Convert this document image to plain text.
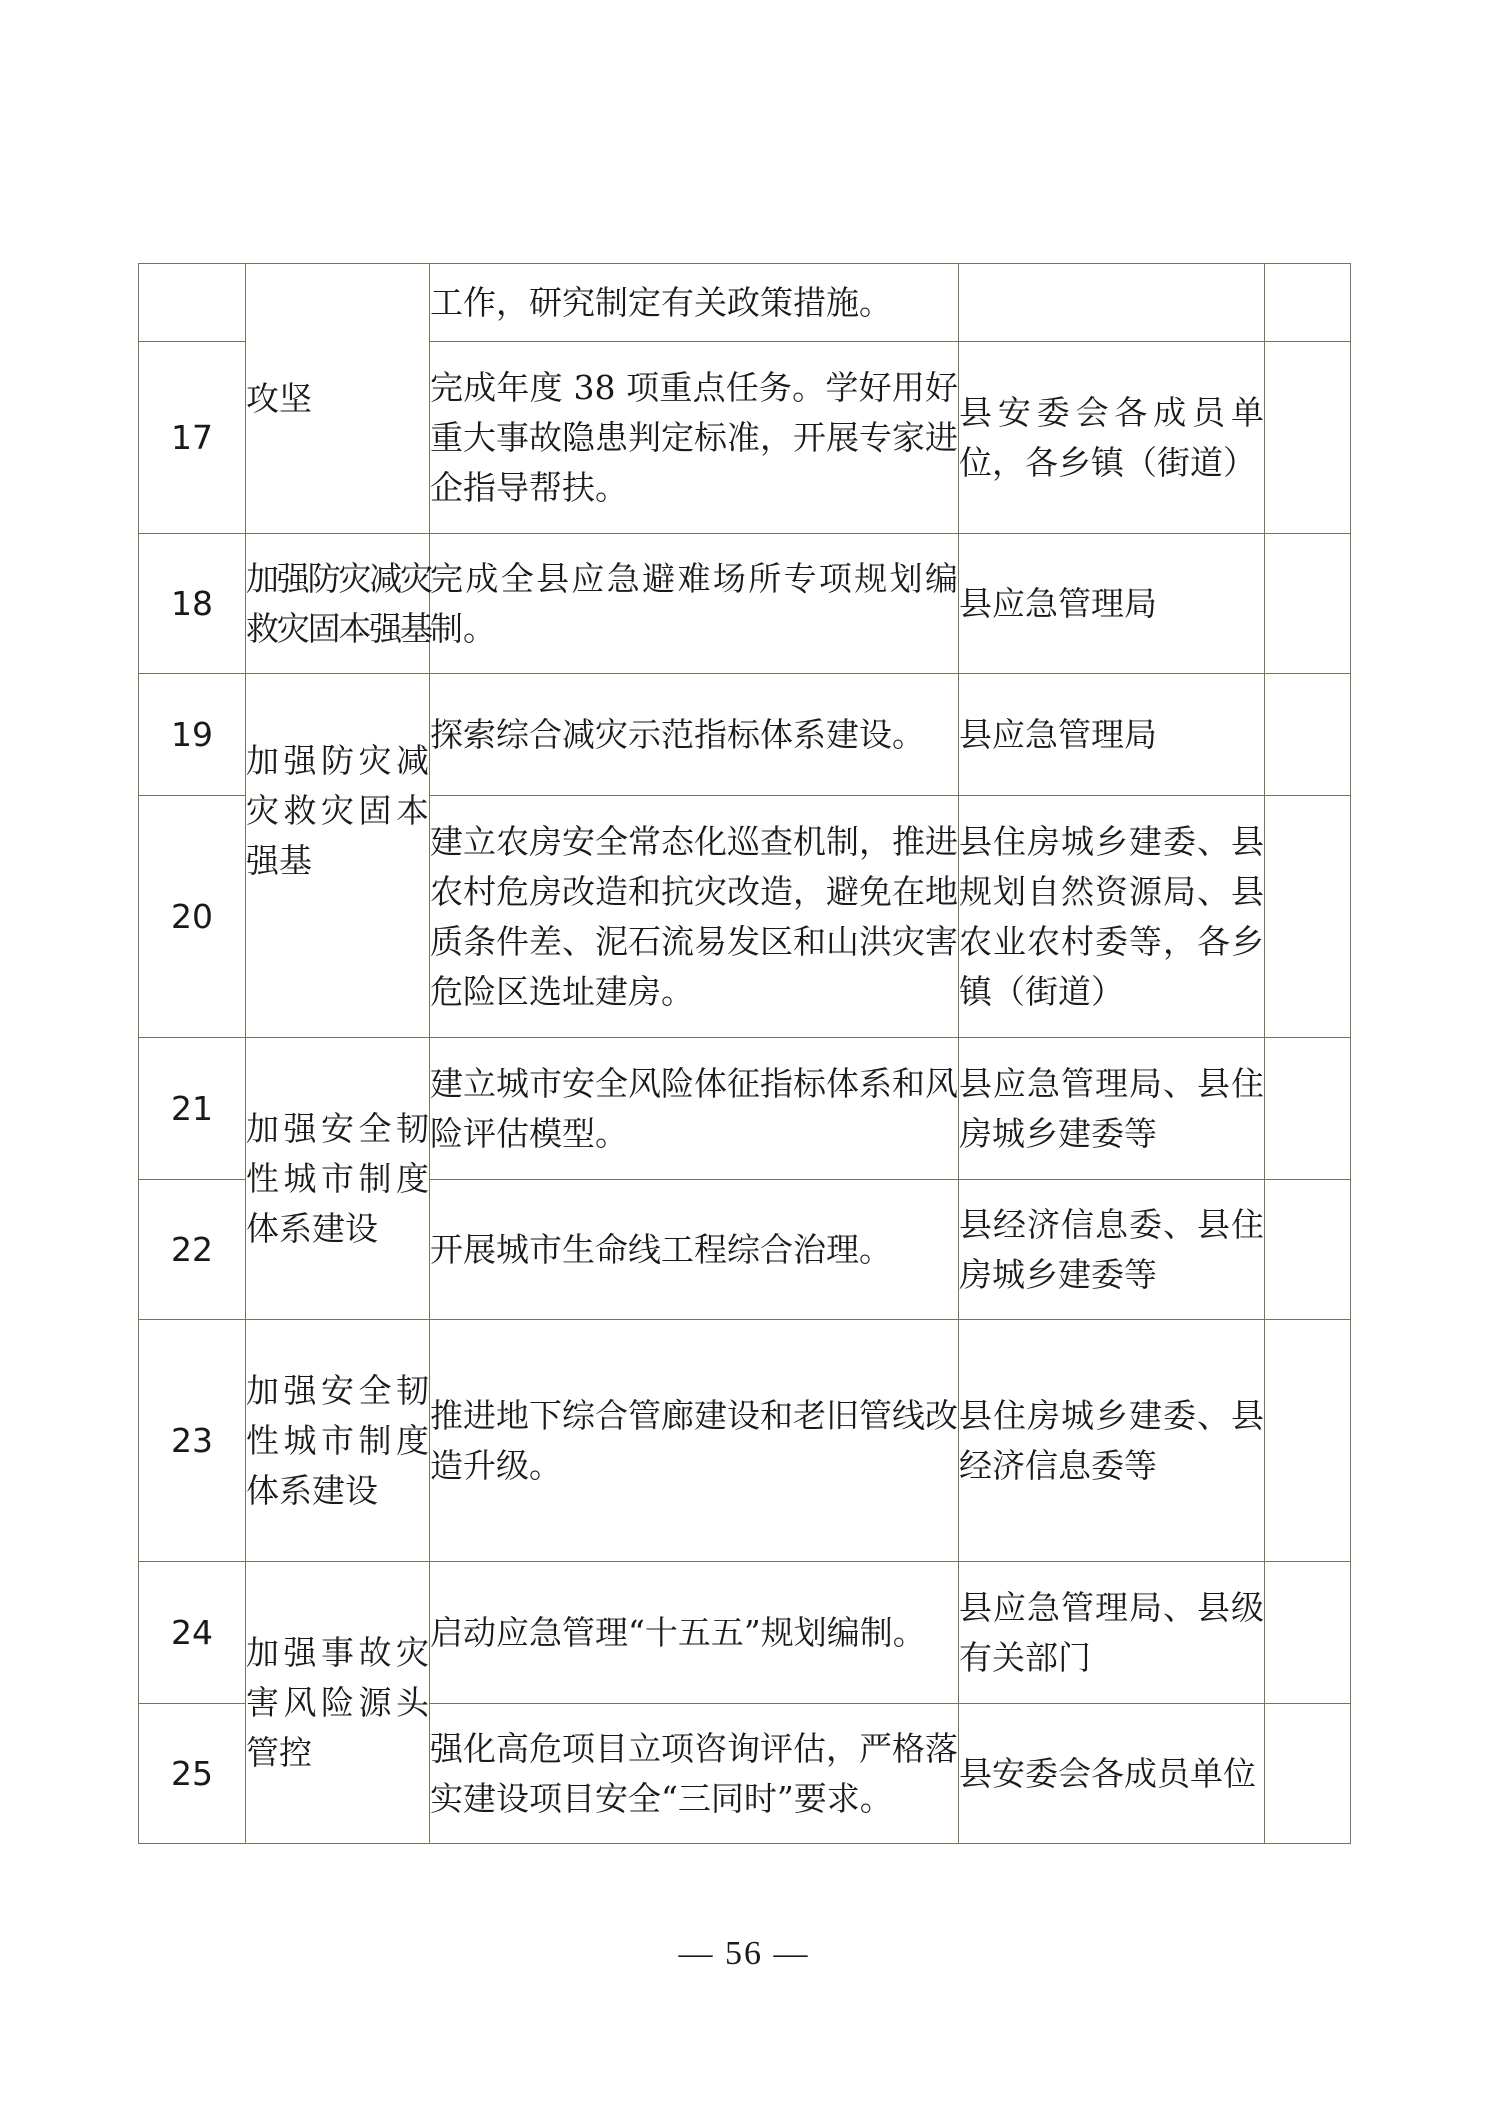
	攻坚	工作，研究制定有关政策措施。		
17		完成年度 38 项重点任务。学好用好重大事故隐患判定标准，开展专家进企指导帮扶。	县安委会各成员单位，各乡镇（街道）	
18	加强防灾减灾救灾固本强基	完成全县应急避难场所专项规划编制。	县应急管理局	
19	加强防灾减灾救灾固本强基	探索综合减灾示范指标体系建设。	县应急管理局	
20		建立农房安全常态化巡查机制，推进农村危房改造和抗灾改造，避免在地质条件差、泥石流易发区和山洪灾害危险区选址建房。	县住房城乡建委、县规划自然资源局、县农业农村委等，各乡镇（街道）	
21	加强安全韧性城市制度体系建设	建立城市安全风险体征指标体系和风险评估模型。	县应急管理局、县住房城乡建委等	
22		开展城市生命线工程综合治理。	县经济信息委、县住房城乡建委等	
23	加强安全韧性城市制度体系建设	推进地下综合管廊建设和老旧管线改造升级。	县住房城乡建委、县经济信息委等	
24	加强事故灾害风险源头管控	启动应急管理“十五五”规划编制。	县应急管理局、县级有关部门	
25		强化高危项目立项咨询评估，严格落实建设项目安全“三同时”要求。	县安委会各成员单位	
— 56 —
